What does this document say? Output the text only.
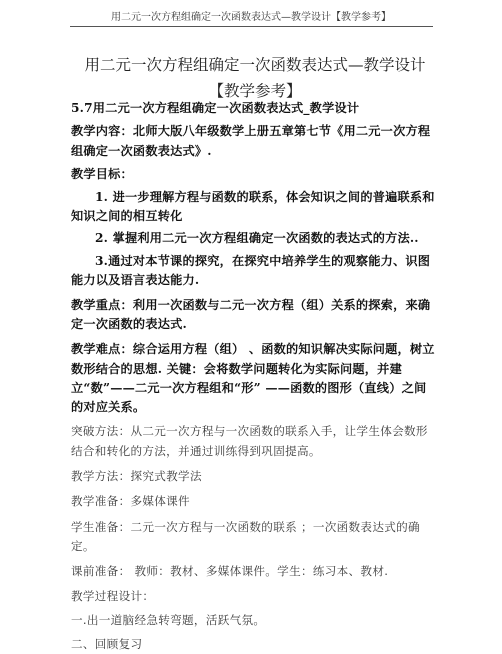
用二元一次方程组确定一次函数表达式—教学设计【教学参考】
用二元一次方程组确定一次函数表达式—教学设计【教学参考】

5.7用二元一次方程组确定一次函数表达式_教学设计

教学内容：北师大版八年级数学上册五章第七节《用二元一次方程组确定一次函数表达式》.

教学目标：

1. 进一步理解方程与函数的联系，体会知识之间的普遍联系和知识之间的相互转化

2. 掌握利用二元一次方程组确定一次函数的表达式的方法..

3.通过对本节课的探究，在探究中培养学生的观察能力、识图能力以及语言表达能力.

教学重点：利用一次函数与二元一次方程（组）关系的探索，来确定一次函数的表达式.

教学难点：综合运用方程（组） 、函数的知识解决实际问题，树立数形结合的思想. 关键：会将数学问题转化为实际问题，并建立“数”——二元一次方程组和“形” ——函数的图形（直线）之间的对应关系。

突破方法：从二元一次方程与一次函数的联系入手，让学生体会数形结合和转化的方法，并通过训练得到巩固提高。

教学方法：探究式教学法

教学准备：多媒体课件

学生准备：二元一次方程与一次函数的联系 ；一次函数表达式的确定。

课前准备： 教师：教材、多媒体课件。学生：练习本、教材.

教学过程设计：

一.出一道脑经急转弯题，活跃气氛。

二、回顾复习
